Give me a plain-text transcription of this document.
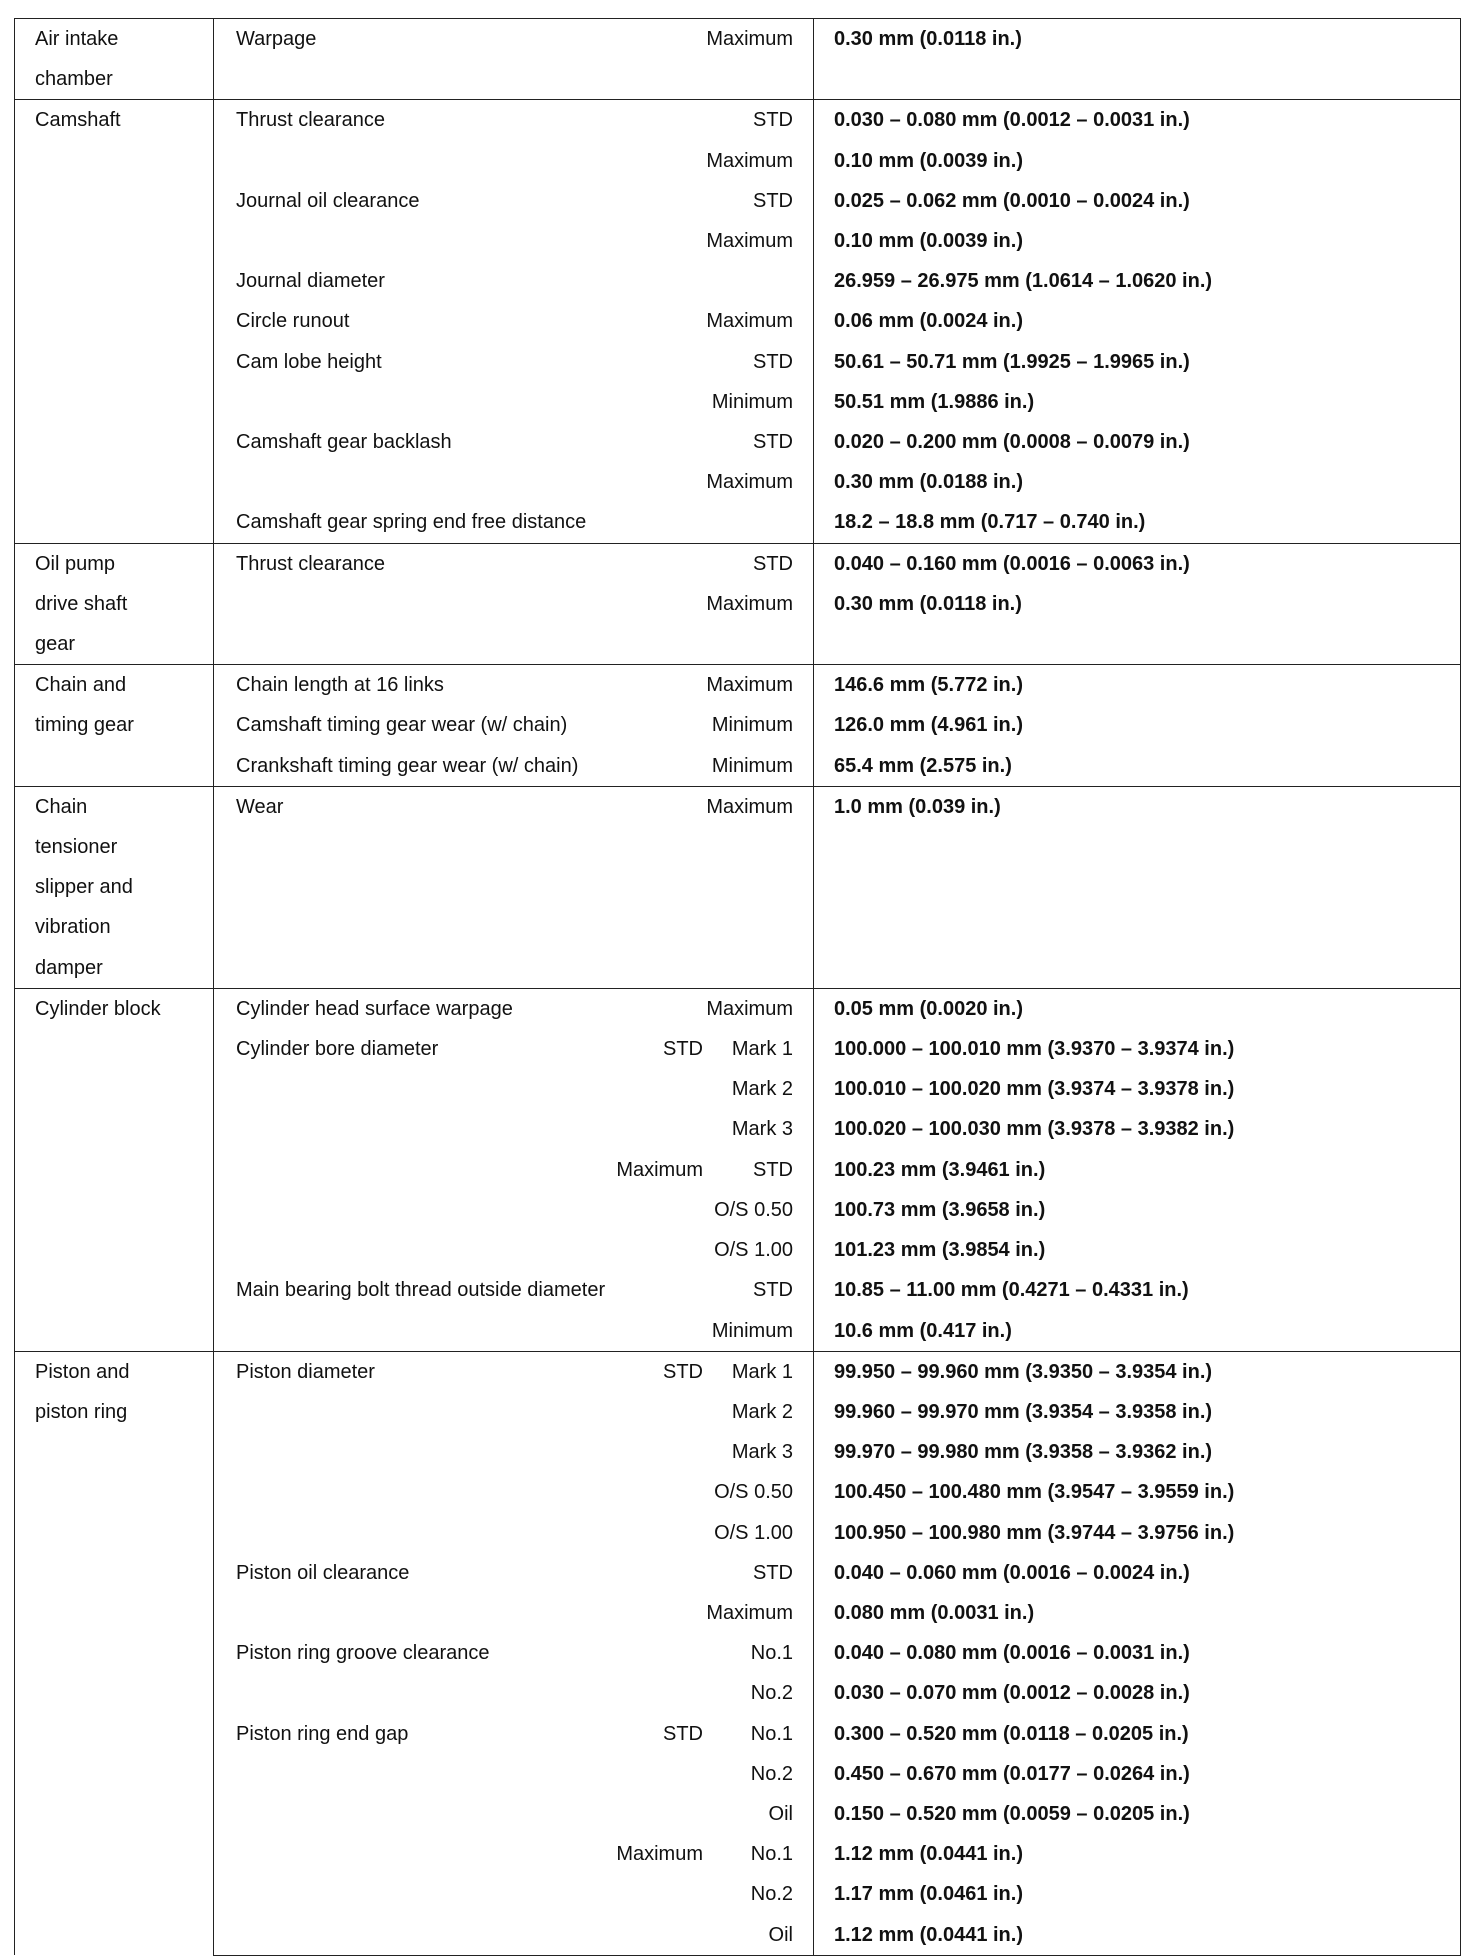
Air intake
chamber	Warpage Maximum	0.30 mm (0.0118 in.)

Camshaft	Thrust clearance STD	0.030 – 0.080 mm (0.0012 – 0.0031 in.)

	Maximum	0.10 mm (0.0039 in.)

	Journal oil clearance STD	0.025 – 0.062 mm (0.0010 – 0.0024 in.)

	Maximum	0.10 mm (0.0039 in.)

	Journal diameter	26.959 – 26.975 mm (1.0614 – 1.0620 in.)

	Circle runout Maximum	0.06 mm (0.0024 in.)

	Cam lobe height STD	50.61 – 50.71 mm (1.9925 – 1.9965 in.)

	Minimum	50.51 mm (1.9886 in.)

	Camshaft gear backlash STD	0.020 – 0.200 mm (0.0008 – 0.0079 in.)

	Maximum	0.30 mm (0.0188 in.)

	Camshaft gear spring end free distance	18.2 – 18.8 mm (0.717 – 0.740 in.)
Oil pump
drive shaft
gear	Thrust clearance STD	0.040 – 0.160 mm (0.0016 – 0.0063 in.)

	Maximum	0.30 mm (0.0118 in.)

Chain and
timing gear	Chain length at 16 links Maximum	146.6 mm (5.772 in.)

	Camshaft timing gear wear (w/ chain) Minimum	126.0 mm (4.961 in.)

	Crankshaft timing gear wear (w/ chain) Minimum	65.4 mm (2.575 in.)
Chain
tensioner
slipper and
vibration
damper	Wear Maximum	1.0 mm (0.039 in.)

Cylinder block	Cylinder head surface warpage Maximum	0.05 mm (0.0020 in.)

	Cylinder bore diameter STD Mark 1	100.000 – 100.010 mm (3.9370 – 3.9374 in.)

	Mark 2	100.010 – 100.020 mm (3.9374 – 3.9378 in.)

	Mark 3	100.020 – 100.030 mm (3.9378 – 3.9382 in.)

	Maximum STD	100.23 mm (3.9461 in.)

	O/S 0.50	100.73 mm (3.9658 in.)

	O/S 1.00	101.23 mm (3.9854 in.)

	Main bearing bolt thread outside diameter STD	10.85 – 11.00 mm (0.4271 – 0.4331 in.)

	Minimum	10.6 mm (0.417 in.)
Piston and
piston ring	Piston diameter STD Mark 1	99.950 – 99.960 mm (3.9350 – 3.9354 in.)

	Mark 2	99.960 – 99.970 mm (3.9354 – 3.9358 in.)

	Mark 3	99.970 – 99.980 mm (3.9358 – 3.9362 in.)

	O/S 0.50	100.450 – 100.480 mm (3.9547 – 3.9559 in.)

	O/S 1.00	100.950 – 100.980 mm (3.9744 – 3.9756 in.)

	Piston oil clearance STD	0.040 – 0.060 mm (0.0016 – 0.0024 in.)

	Maximum	0.080 mm (0.0031 in.)

	Piston ring groove clearance No.1	0.040 – 0.080 mm (0.0016 – 0.0031 in.)

	No.2	0.030 – 0.070 mm (0.0012 – 0.0028 in.)

	Piston ring end gap STD No.1	0.300 – 0.520 mm (0.0118 – 0.0205 in.)

	No.2	0.450 – 0.670 mm (0.0177 – 0.0264 in.)

	Oil	0.150 – 0.520 mm (0.0059 – 0.0205 in.)

	Maximum No.1	1.12 mm (0.0441 in.)

	No.2	1.17 mm (0.0461 in.)

	Oil	1.12 mm (0.0441 in.)
